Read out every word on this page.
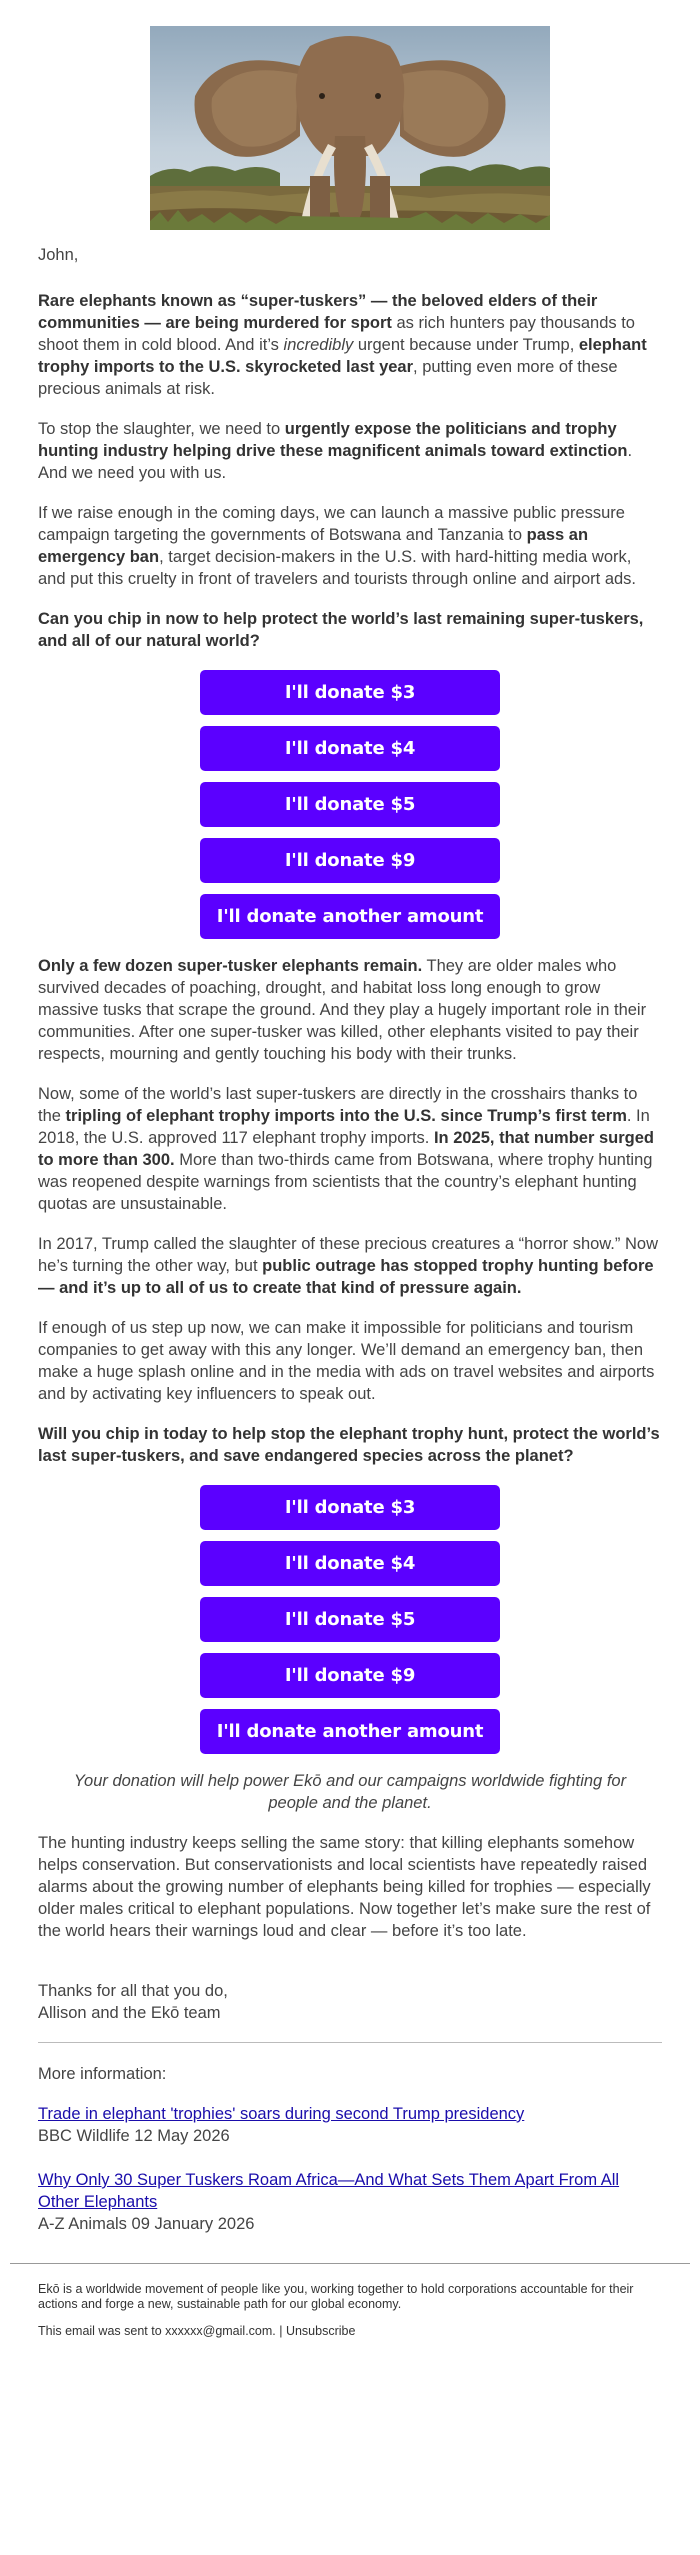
John,

Rare elephants known as “super-tuskers” — the beloved elders of their communities — are being murdered for sport as rich hunters pay thousands to shoot them in cold blood. And it’s incredibly urgent because under Trump, elephant trophy imports to the U.S. skyrocketed last year, putting even more of these precious animals at risk.

To stop the slaughter, we need to urgently expose the politicians and trophy hunting industry helping drive these magnificent animals toward extinction. And we need you with us.

If we raise enough in the coming days, we can launch a massive public pressure campaign targeting the governments of Botswana and Tanzania to pass an emergency ban, target decision-makers in the U.S. with hard-hitting media work, and put this cruelty in front of travelers and tourists through online and airport ads.

Can you chip in now to help protect the world’s last remaining super-tuskers, and all of our natural world?

I'll donate $3
I'll donate $4
I'll donate $5
I'll donate $9
I'll donate another amount

Only a few dozen super-tusker elephants remain. They are older males who survived decades of poaching, drought, and habitat loss long enough to grow massive tusks that scrape the ground. And they play a hugely important role in their communities. After one super-tusker was killed, other elephants visited to pay their respects, mourning and gently touching his body with their trunks.

Now, some of the world’s last super-tuskers are directly in the crosshairs thanks to the tripling of elephant trophy imports into the U.S. since Trump’s first term. In 2018, the U.S. approved 117 elephant trophy imports. In 2025, that number surged to more than 300. More than two-thirds came from Botswana, where trophy hunting was reopened despite warnings from scientists that the country’s elephant hunting quotas are unsustainable.

In 2017, Trump called the slaughter of these precious creatures a “horror show.” Now he’s turning the other way, but public outrage has stopped trophy hunting before — and it’s up to all of us to create that kind of pressure again.

If enough of us step up now, we can make it impossible for politicians and tourism companies to get away with this any longer. We’ll demand an emergency ban, then make a huge splash online and in the media with ads on travel websites and airports and by activating key influencers to speak out.

Will you chip in today to help stop the elephant trophy hunt, protect the world’s last super-tuskers, and save endangered species across the planet?

I'll donate $3
I'll donate $4
I'll donate $5
I'll donate $9
I'll donate another amount

Your donation will help power Ekō and our campaigns worldwide fighting for people and the planet.

The hunting industry keeps selling the same story: that killing elephants somehow helps conservation. But conservationists and local scientists have repeatedly raised alarms about the growing number of elephants being killed for trophies — especially older males critical to elephant populations. Now together let’s make sure the rest of the world hears their warnings loud and clear — before it’s too late.

Thanks for all that you do,
Allison and the Ekō team

More information:

Trade in elephant 'trophies' soars during second Trump presidency

BBC Wildlife 12 May 2026

Why Only 30 Super Tuskers Roam Africa—And What Sets Them Apart From All Other Elephants

A-Z Animals 09 January 2026

Ekō is a worldwide movement of people like you, working together to hold corporations accountable for their actions and forge a new, sustainable path for our global economy.

This email was sent to xxxxxx@gmail.com. | Unsubscribe
